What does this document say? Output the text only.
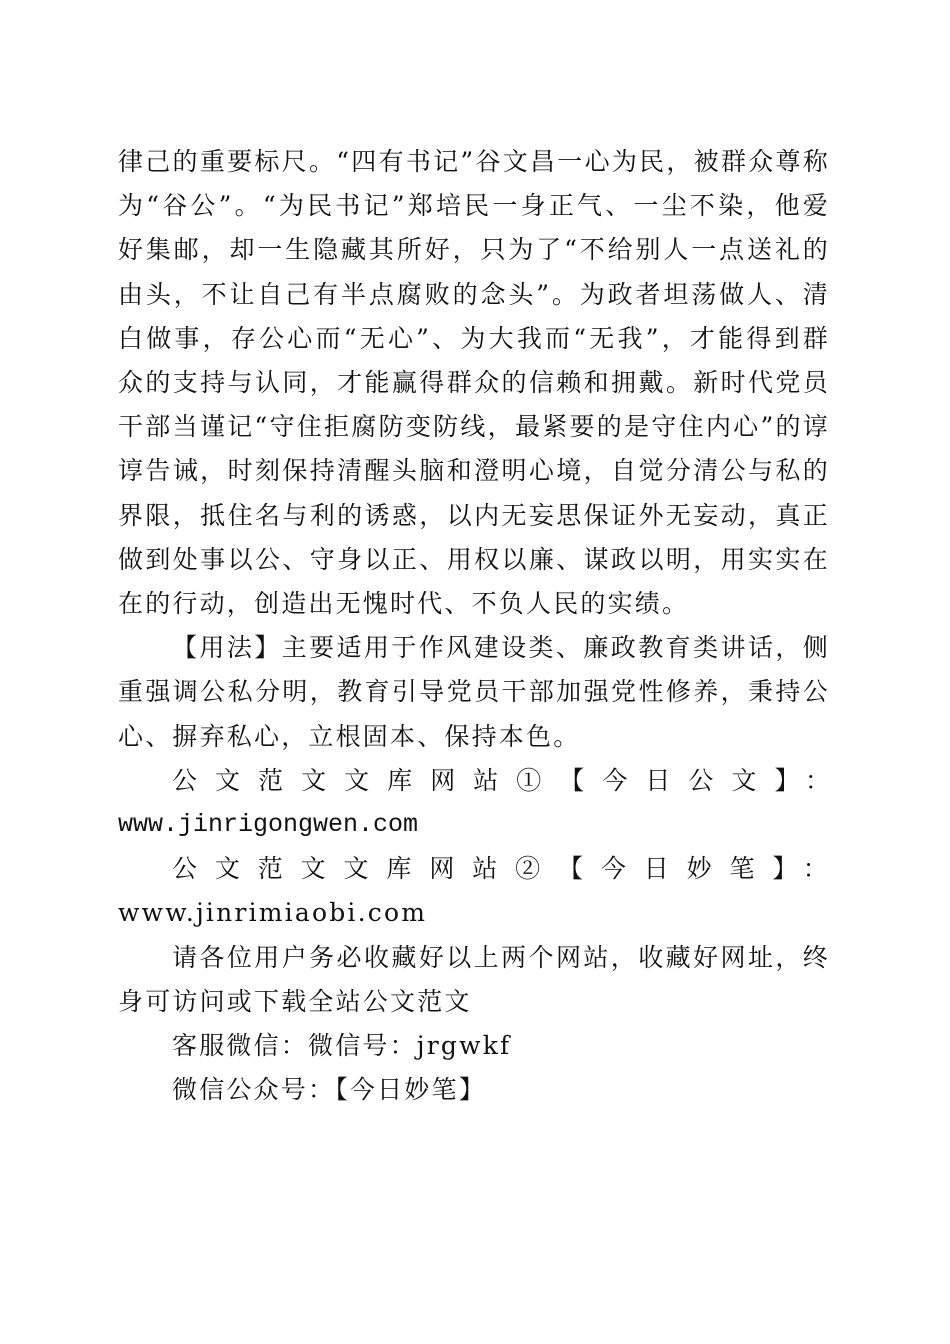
律己的重要标尺。“四有书记”谷文昌一心为民，被群众尊称为“谷公”。“为民书记”郑培民一身正气、一尘不染，他爱好集邮，却一生隐藏其所好，只为了“不给别人一点送礼的由头，不让自己有半点腐败的念头”。为政者坦荡做人、清白做事，存公心而“无心”、为大我而“无我”，才能得到群众的支持与认同，才能赢得群众的信赖和拥戴。新时代党员干部当谨记“守住拒腐防变防线，最紧要的是守住内心”的谆谆告诫，时刻保持清醒头脑和澄明心境，自觉分清公与私的界限，抵住名与利的诱惑，以内无妄思保证外无妄动，真正做到处事以公、守身以正、用权以廉、谋政以明，用实实在在的行动，创造出无愧时代、不负人民的实绩。

【用法】主要适用于作风建设类、廉政教育类讲话，侧重强调公私分明，教育引导党员干部加强党性修养，秉持公心、摒弃私心，立根固本、保持本色。

公文范文文库网站①【今日公文】：

www.jinrigongwen.com

公文范文文库网站②【今日妙笔】：www.jinrimiaobi.com

请各位用户务必收藏好以上两个网站，收藏好网址，终身可访问或下载全站公文范文

客服微信：微信号：jrgwkf

微信公众号：【今日妙笔】
